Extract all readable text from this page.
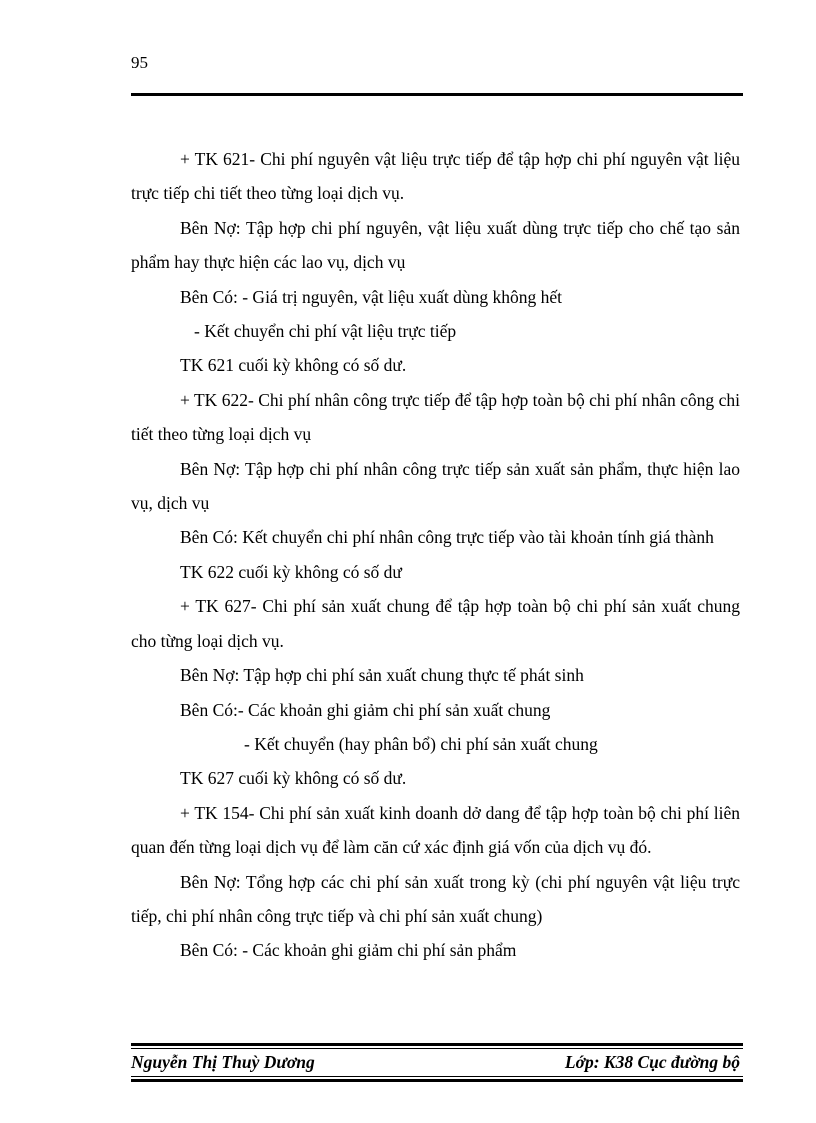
95

+ TK 621- Chi phí nguyên vật liệu trực tiếp để tập hợp chi phí nguyên vật liệu trực tiếp chi tiết theo từng loại dịch vụ.

Bên Nợ: Tập hợp chi phí nguyên, vật liệu xuất dùng trực tiếp cho chế tạo sản phẩm hay thực hiện các lao vụ, dịch vụ

Bên Có: - Giá trị nguyên, vật liệu xuất dùng không hết

- Kết chuyển chi phí vật liệu trực tiếp

TK 621 cuối kỳ không có số dư.

+ TK 622- Chi phí nhân công trực tiếp để tập hợp toàn bộ chi phí nhân công chi tiết theo từng loại dịch vụ

Bên Nợ: Tập hợp chi phí nhân công trực tiếp sản xuất sản phẩm, thực hiện lao vụ, dịch vụ

Bên Có: Kết chuyển chi phí nhân công trực tiếp vào tài khoản tính giá thành

TK 622 cuối kỳ không có số dư

+ TK 627- Chi phí sản xuất chung để tập hợp toàn bộ chi phí sản xuất chung cho từng loại dịch vụ.

Bên Nợ: Tập hợp chi phí sản xuất chung thực tế phát sinh

Bên Có:- Các khoản ghi giảm chi phí sản xuất chung

- Kết chuyển (hay phân bổ) chi phí sản xuất chung

TK 627 cuối kỳ không có số dư.

+ TK 154- Chi phí sản xuất kinh doanh dở dang để tập hợp toàn bộ chi phí liên quan đến từng loại dịch vụ để làm căn cứ xác định giá vốn của dịch vụ đó.

Bên Nợ: Tổng hợp các chi phí sản xuất trong kỳ (chi phí nguyên vật liệu trực tiếp, chi phí nhân công trực tiếp và chi phí sản xuất chung)

Bên Có: - Các khoản ghi giảm chi phí sản phẩm

Nguyễn Thị Thuỳ Dương	Lớp: K38 Cục đường bộ
